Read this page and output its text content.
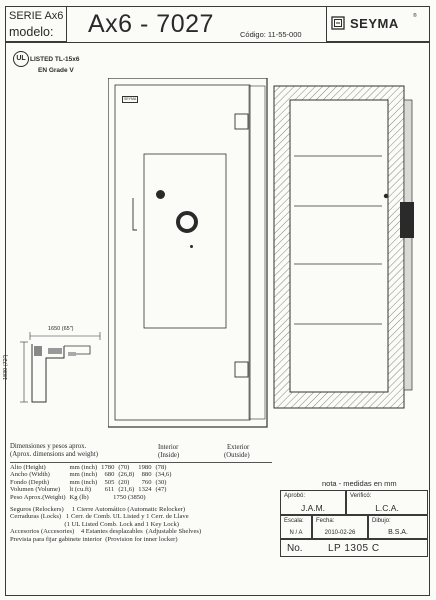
SERIE Ax6
modelo: Ax6 - 7027	Código: 11-55-000
SEYMA	®
UL LISTED TL-15x6
EN Grade V
SEYMA
1650 (65")
1830 (72")
Dimensiones y pesos aprox.
(Aprox. dimensions and weight)
Interior
(Inside)
Exterior
(Outside)
Alto (Height)	mm (inch)	1780	(70)	1980	(78)
Ancho (Width)	mm (inch)	680	(26,8)	880	(34,6)
Fondo (Depth)	mm (inch)	505	(20)	760	(30)
Volumen (Volume)	lt (cu.ft)	611	(21,6)	1324	(47)
Peso Aprox.(Weight)	Kg (lb)	1750 (3850)			
Seguros (Relockers)     1 Cierre Automático (Automatic Relocker)
Cerraduras (Locks)   1 Cerr. de Comb. UL Listed y 1 Cerr. de Llave
(1 UL Listed Comb. Lock and 1 Key Lock)
Accesorios (Accesories)    4 Estantes desplazables  (Adjustable Shelves)
Prevista para fijar gabinete interior  (Provision for inner locker)
nota - medidas en mm
Aprobó:
J.A.M.
Verificó:
L.C.A.
Escala:
N / A
Fecha:
2010-02-26
Dibujo:
B.S.A.
No.	LP 1305 C
